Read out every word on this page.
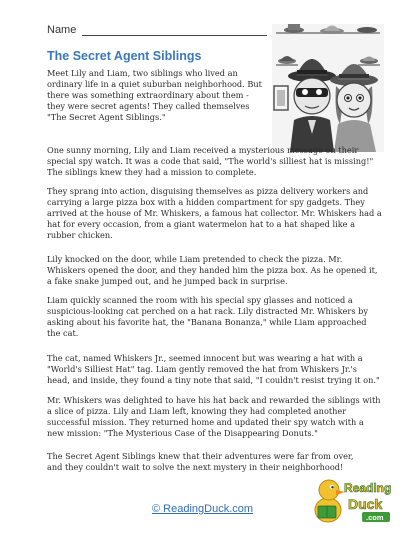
Name
The Secret Agent Siblings

Meet Lily and Liam, two siblings who lived an ordinary life in a quiet suburban neighborhood. But there was something extraordinary about them - they were secret agents! They called themselves "The Secret Agent Siblings."

One sunny morning, Lily and Liam received a mysterious message on their special spy watch. It was a code that said, "The world's silliest hat is missing!" The siblings knew they had a mission to complete.

They sprang into action, disguising themselves as pizza delivery workers and carrying a large pizza box with a hidden compartment for spy gadgets. They arrived at the house of Mr. Whiskers, a famous hat collector. Mr. Whiskers had a hat for every occasion, from a giant watermelon hat to a hat shaped like a rubber chicken.

Lily knocked on the door, while Liam pretended to check the pizza. Mr. Whiskers opened the door, and they handed him the pizza box. As he opened it, a fake snake jumped out, and he jumped back in surprise.

Liam quickly scanned the room with his special spy glasses and noticed a suspicious-looking cat perched on a hat rack. Lily distracted Mr. Whiskers by asking about his favorite hat, the "Banana Bonanza," while Liam approached the cat.

The cat, named Whiskers Jr., seemed innocent but was wearing a hat with a "World's Silliest Hat" tag. Liam gently removed the hat from Whiskers Jr.'s head, and inside, they found a tiny note that said, "I couldn't resist trying it on."

Mr. Whiskers was delighted to have his hat back and rewarded the siblings with a slice of pizza. Lily and Liam left, knowing they had completed another successful mission. They returned home and updated their spy watch with a new mission: "The Mysterious Case of the Disappearing Donuts."

The Secret Agent Siblings knew that their adventures were far from over, and they couldn't wait to solve the next mystery in their neighborhood!

© ReadingDuck.com
Reading
Duck
.com
